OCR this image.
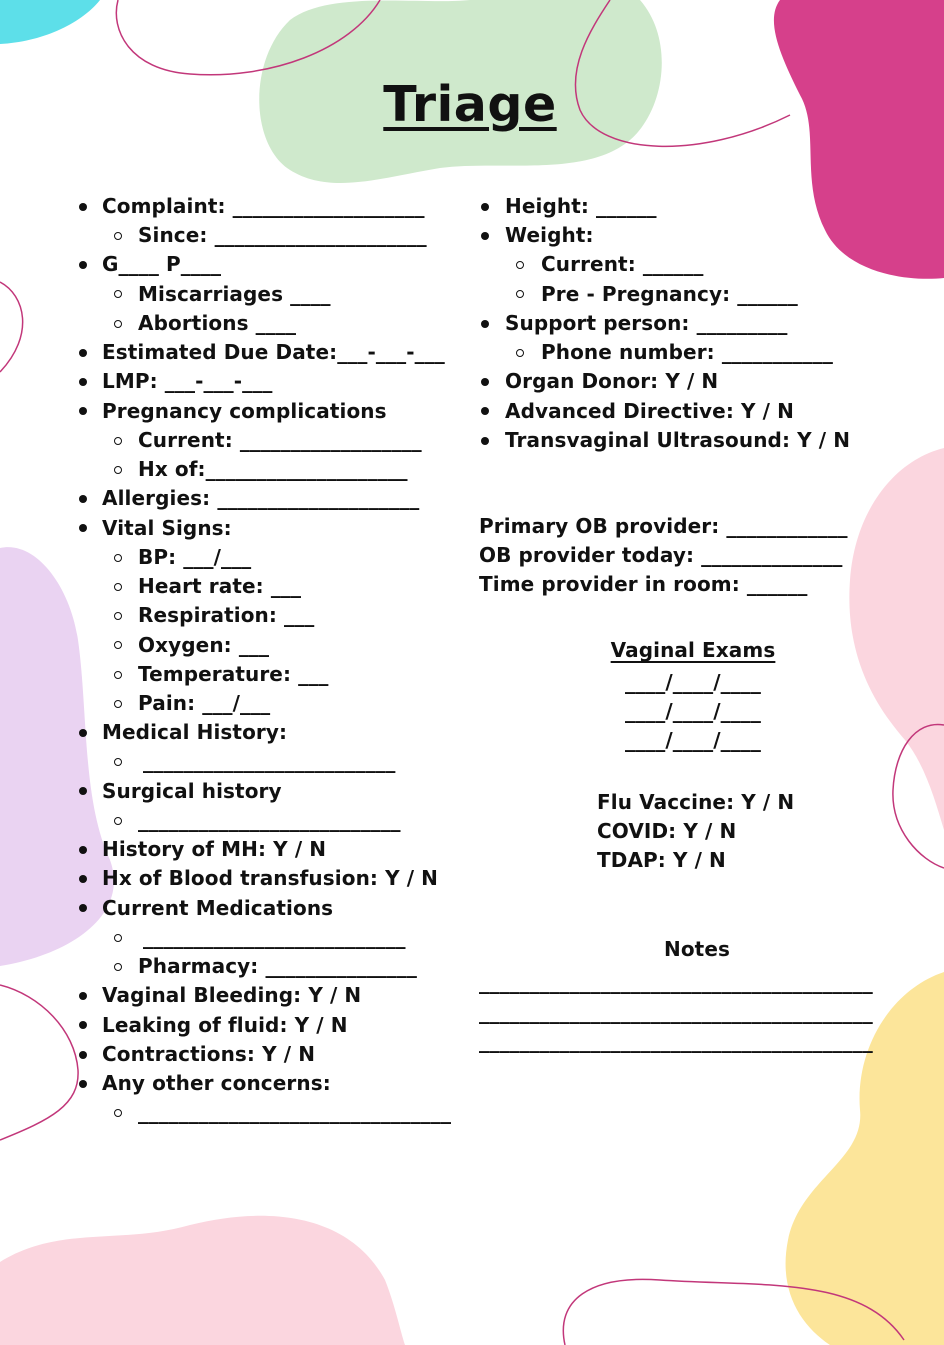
Triage
Complaint: ___________________
Since: _____________________
G____ P____
Miscarriages ____
Abortions ____
Estimated Due Date:___-___-___
LMP: ___-___-___
Pregnancy complications
Current: __________________
Hx of:____________________
Allergies: ____________________
Vital Signs:
BP: ___/___
Heart rate: ___
Respiration: ___
Oxygen: ___
Temperature: ___
Pain: ___/___
Medical History:
_________________________
Surgical history
__________________________
History of MH: Y / N
Hx of Blood transfusion: Y / N
Current Medications
__________________________
Pharmacy: _______________
Vaginal Bleeding: Y / N
Leaking of fluid: Y / N
Contractions: Y / N
Any other concerns:
_______________________________
Height: ______
Weight:
Current: ______
Pre - Pregnancy: ______
Support person: _________
Phone number: ___________
Organ Donor: Y / N
Advanced Directive: Y / N
Transvaginal Ultrasound: Y / N
Primary OB provider: ____________
OB provider today: ______________
Time provider in room: ______
Vaginal Exams
____/____/____
____/____/____
____/____/____
Flu Vaccine: Y / N
COVID: Y / N
TDAP: Y / N
Notes
_______________________________________
_______________________________________
_______________________________________
